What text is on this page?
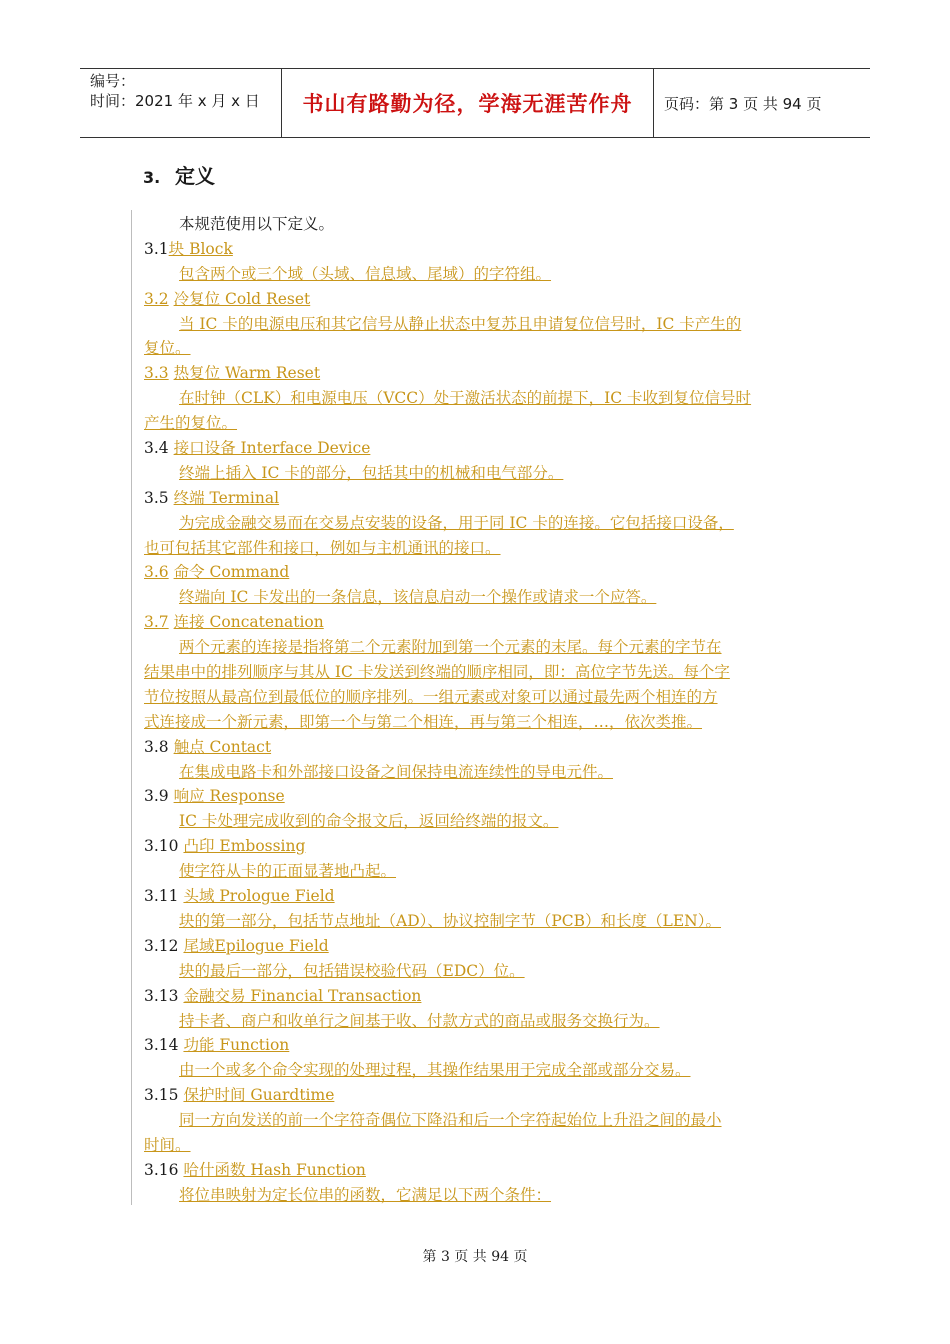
编号：
时间：2021 年 x 月 x 日	书山有路勤为径，学海无涯苦作舟 页码：第 3 页 共 94 页
3. 定义
本规范使用以下定义。
3.1块 Block
包含两个或三个域（头域、信息域、尾域）的字符组。
3.2 冷复位 Cold Reset
当 IC 卡的电源电压和其它信号从静止状态中复苏且申请复位信号时，IC 卡产生的
复位。
3.3 热复位 Warm Reset
在时钟（CLK）和电源电压（VCC）处于激活状态的前提下，IC 卡收到复位信号时
产生的复位。
3.4 接口设备 Interface Device
终端上插入 IC 卡的部分，包括其中的机械和电气部分。
3.5 终端 Terminal
为完成金融交易而在交易点安装的设备，用于同 IC 卡的连接。它包括接口设备，
也可包括其它部件和接口，例如与主机通讯的接口。
3.6 命令 Command
终端向 IC 卡发出的一条信息，该信息启动一个操作或请求一个应答。
3.7 连接 Concatenation
两个元素的连接是指将第二个元素附加到第一个元素的末尾。每个元素的字节在
结果串中的排列顺序与其从 IC 卡发送到终端的顺序相同，即：高位字节先送。每个字
节位按照从最高位到最低位的顺序排列。一组元素或对象可以通过最先两个相连的方
式连接成一个新元素，即第一个与第二个相连，再与第三个相连，…，依次类推。
3.8 触点 Contact
在集成电路卡和外部接口设备之间保持电流连续性的导电元件。
3.9 响应 Response
IC 卡处理完成收到的命令报文后，返回给终端的报文。
3.10 凸印 Embossing
使字符从卡的正面显著地凸起。
3.11 头域 Prologue Field
块的第一部分，包括节点地址（AD）、协议控制字节（PCB）和长度（LEN）。
3.12 尾域Epilogue Field
块的最后一部分，包括错误校验代码（EDC）位。
3.13 金融交易 Financial Transaction
持卡者、商户和收单行之间基于收、付款方式的商品或服务交换行为。
3.14 功能 Function
由一个或多个命令实现的处理过程，其操作结果用于完成全部或部分交易。
3.15 保护时间 Guardtime
同一方向发送的前一个字符奇偶位下降沿和后一个字符起始位上升沿之间的最小
时间。
3.16 哈什函数 Hash Function
将位串映射为定长位串的函数，它满足以下两个条件：
第 3 页 共 94 页
